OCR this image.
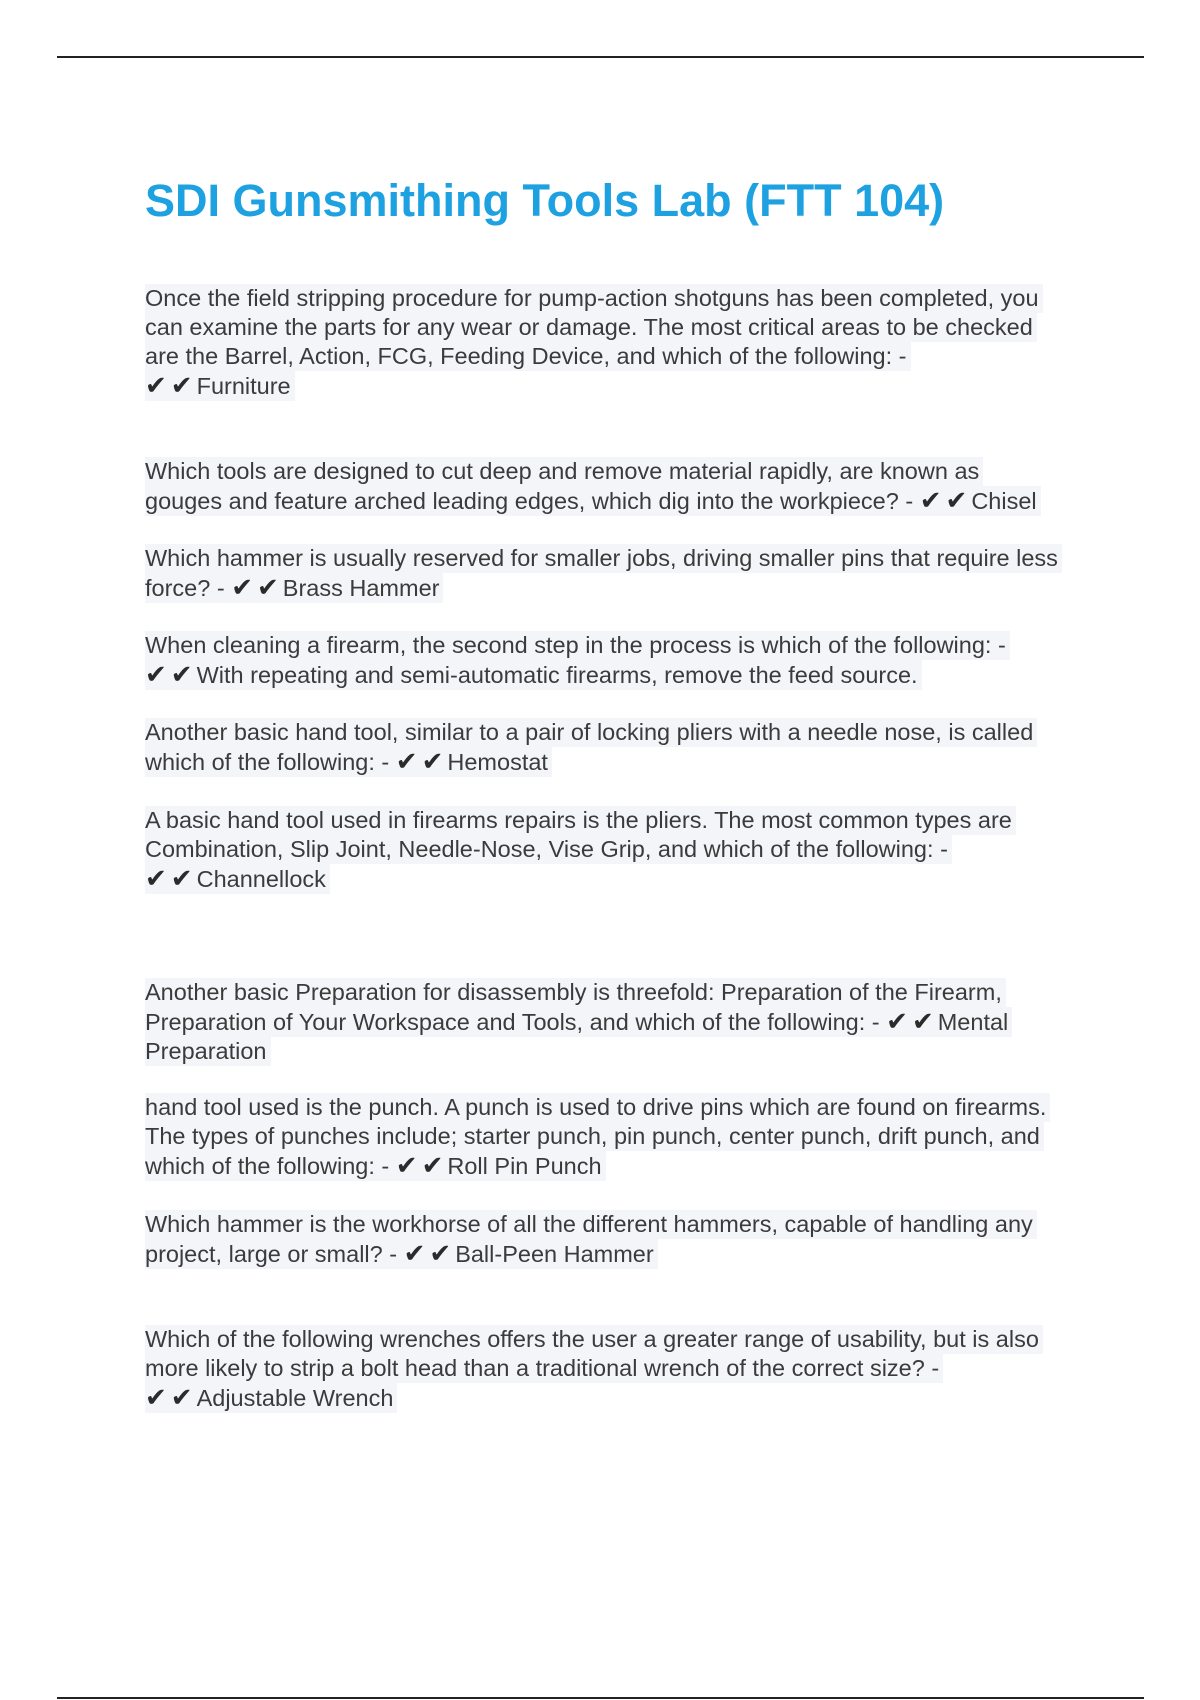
SDI Gunsmithing Tools Lab (FTT 104)
Once the field stripping procedure for pump-action shotguns has been completed, you
can examine the parts for any wear or damage. The most critical areas to be checked
are the Barrel, Action, FCG, Feeding Device, and which of the following: -
✔ ✔ Furniture
Which tools are designed to cut deep and remove material rapidly, are known as
gouges and feature arched leading edges, which dig into the workpiece? - ✔ ✔ Chisel
Which hammer is usually reserved for smaller jobs, driving smaller pins that require less
force? - ✔ ✔ Brass Hammer
When cleaning a firearm, the second step in the process is which of the following: -
✔ ✔ With repeating and semi-automatic firearms, remove the feed source.
Another basic hand tool, similar to a pair of locking pliers with a needle nose, is called
which of the following: - ✔ ✔ Hemostat
A basic hand tool used in firearms repairs is the pliers. The most common types are
Combination, Slip Joint, Needle-Nose, Vise Grip, and which of the following: -
✔ ✔ Channellock
Another basic Preparation for disassembly is threefold: Preparation of the Firearm,
Preparation of Your Workspace and Tools, and which of the following: - ✔ ✔ Mental
Preparation
hand tool used is the punch. A punch is used to drive pins which are found on firearms.
The types of punches include; starter punch, pin punch, center punch, drift punch, and
which of the following: - ✔ ✔ Roll Pin Punch
Which hammer is the workhorse of all the different hammers, capable of handling any
project, large or small? - ✔ ✔ Ball-Peen Hammer
Which of the following wrenches offers the user a greater range of usability, but is also
more likely to strip a bolt head than a traditional wrench of the correct size? -
✔ ✔ Adjustable Wrench
